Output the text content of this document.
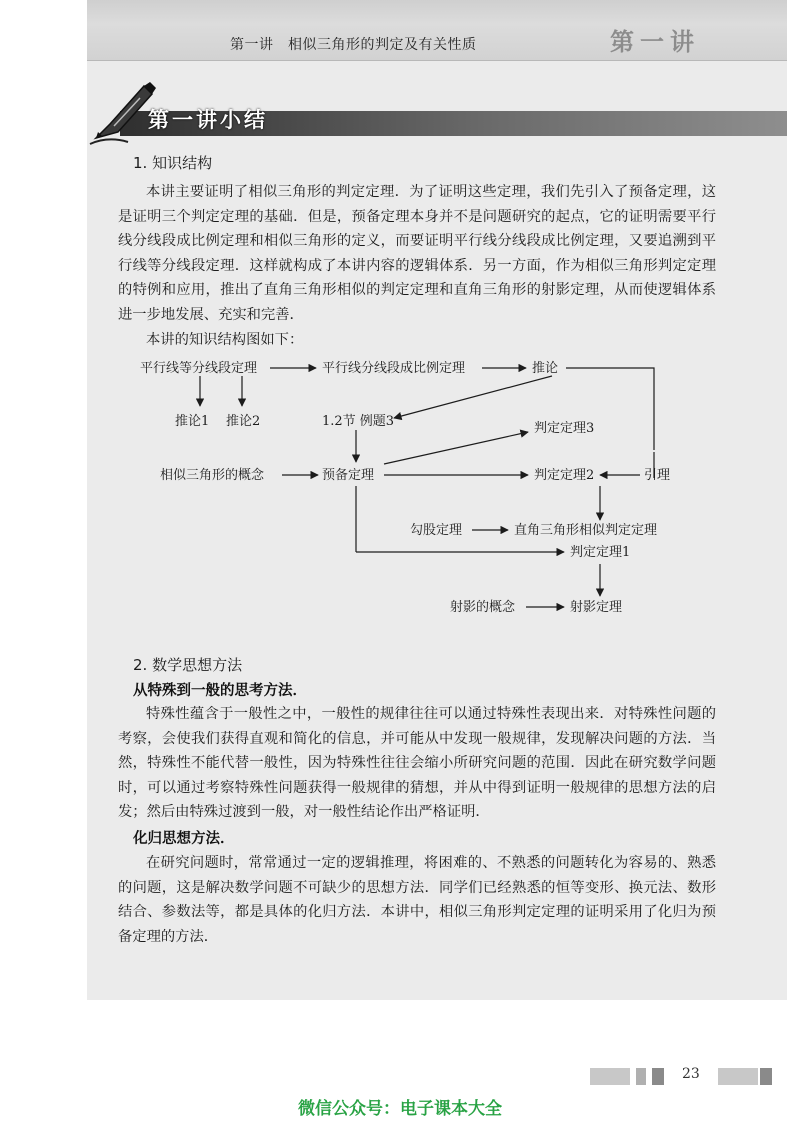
第一讲　相似三角形的判定及有关性质	第一讲
第一讲小结
1. 知识结构

本讲主要证明了相似三角形的判定定理．为了证明这些定理，我们先引入了预备定理，这是证明三个判定定理的基础．但是，预备定理本身并不是问题研究的起点，它的证明需要平行线分线段成比例定理和相似三角形的定义，而要证明平行线分线段成比例定理，又要追溯到平行线等分线段定理．这样就构成了本讲内容的逻辑体系．另一方面，作为相似三角形判定定理的特例和应用，推出了直角三角形相似的判定定理和直角三角形的射影定理，从而使逻辑体系进一步地发展、充实和完善．

本讲的知识结构图如下：

平行线等分线段定理	平行线分线段成比例定理	推论
推论1 推论2	1.2节 例题3	判定定理3
相似三角形的概念	预备定理	判定定理2	引理
勾股定理	直角三角形相似判定定理
判定定理1
射影的概念	射影定理
2. 数学思想方法
从特殊到一般的思考方法．

特殊性蕴含于一般性之中，一般性的规律往往可以通过特殊性表现出来．对特殊性问题的考察，会使我们获得直观和简化的信息，并可能从中发现一般规律，发现解决问题的方法．当然，特殊性不能代替一般性，因为特殊性往往会缩小所研究问题的范围．因此在研究数学问题时，可以通过考察特殊性问题获得一般规律的猜想，并从中得到证明一般规律的思想方法的启发；然后由特殊过渡到一般，对一般性结论作出严格证明．

化归思想方法．

在研究问题时，常常通过一定的逻辑推理，将困难的、不熟悉的问题转化为容易的、熟悉的问题，这是解决数学问题不可缺少的思想方法．同学们已经熟悉的恒等变形、换元法、数形结合、参数法等，都是具体的化归方法．本讲中，相似三角形判定定理的证明采用了化归为预备定理的方法．

23
微信公众号：电子课本大全
